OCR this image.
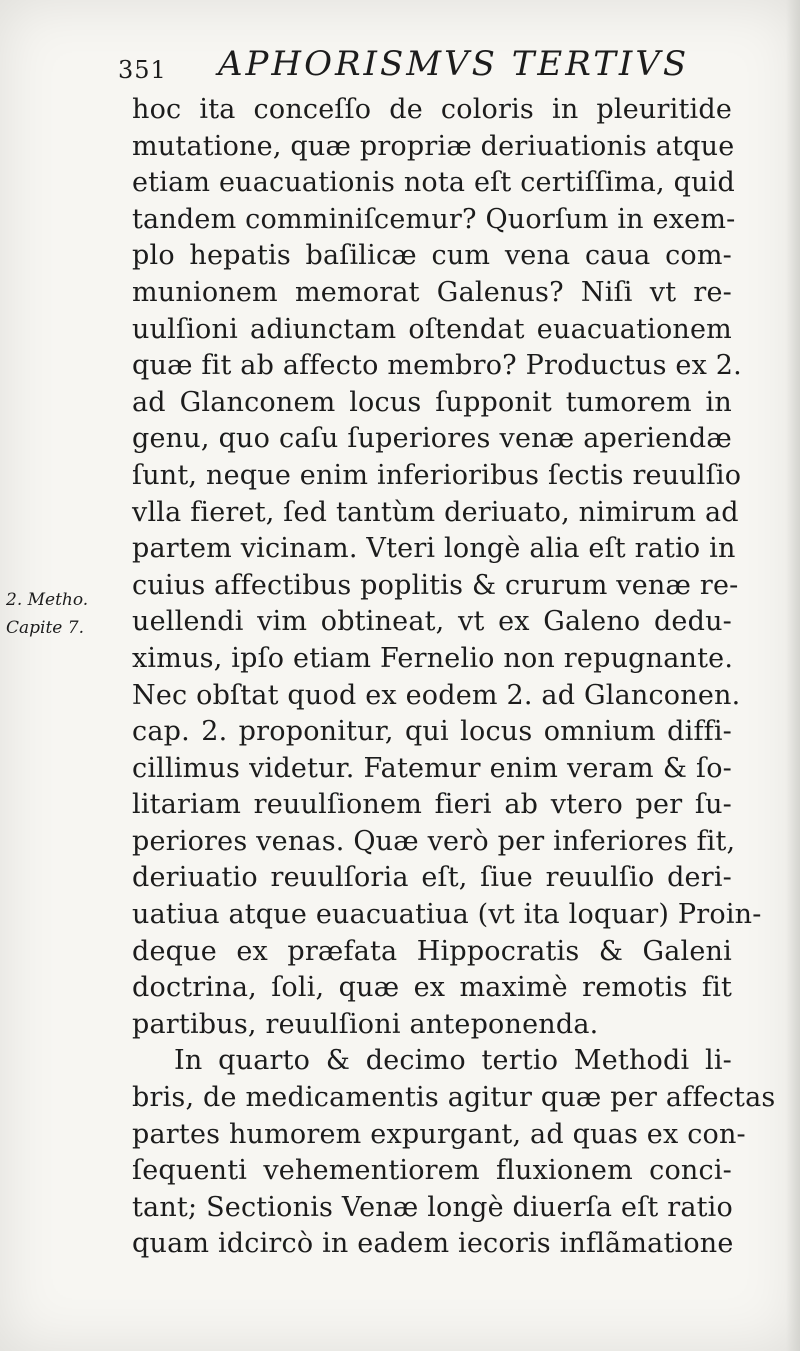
351 APHORISMVS TERTIVS
2. Metho.
Capite 7.
hoc ita conceſſo de coloris in pleuritide
mutatione, quæ propriæ deriuationis atque
etiam euacuationis nota eſt certiſſima, quid
tandem comminiſcemur? Quorſum in exem-
plo hepatis baſilicæ cum vena caua com-
munionem memorat Galenus? Niſi vt re-
uulſioni adiunctam oſtendat euacuationem
quæ fit ab affecto membro? Productus ex 2.
ad Glanconem locus ſupponit tumorem in
genu, quo caſu ſuperiores venæ aperiendæ
ſunt, neque enim inferioribus ſectis reuulſio
vlla fieret, ſed tantùm deriuato, nimirum ad
partem vicinam. Vteri longè alia eſt ratio in
cuius affectibus poplitis & crurum venæ re-
uellendi vim obtineat, vt ex Galeno dedu-
ximus, ipſo etiam Fernelio non repugnante.
Nec obſtat quod ex eodem 2. ad Glanconen.
cap. 2. proponitur, qui locus omnium diffi-
cillimus videtur. Fatemur enim veram & ſo-
litariam reuulſionem fieri ab vtero per ſu-
periores venas. Quæ verò per inferiores fit,
deriuatio reuulſoria eſt, ſiue reuulſio deri-
uatiua atque euacuatiua (vt ita loquar) Proin-
deque ex præfata Hippocratis & Galeni
doctrina, ſoli, quæ ex maximè remotis fit
partibus, reuulſioni anteponenda.
In quarto & decimo tertio Methodi li-
bris, de medicamentis agitur quæ per affectas
partes humorem expurgant, ad quas ex con-
ſequenti vehementiorem fluxionem conci-
tant; Sectionis Venæ longè diuerſa eſt ratio
quam idcircò in eadem iecoris inflãmatione
